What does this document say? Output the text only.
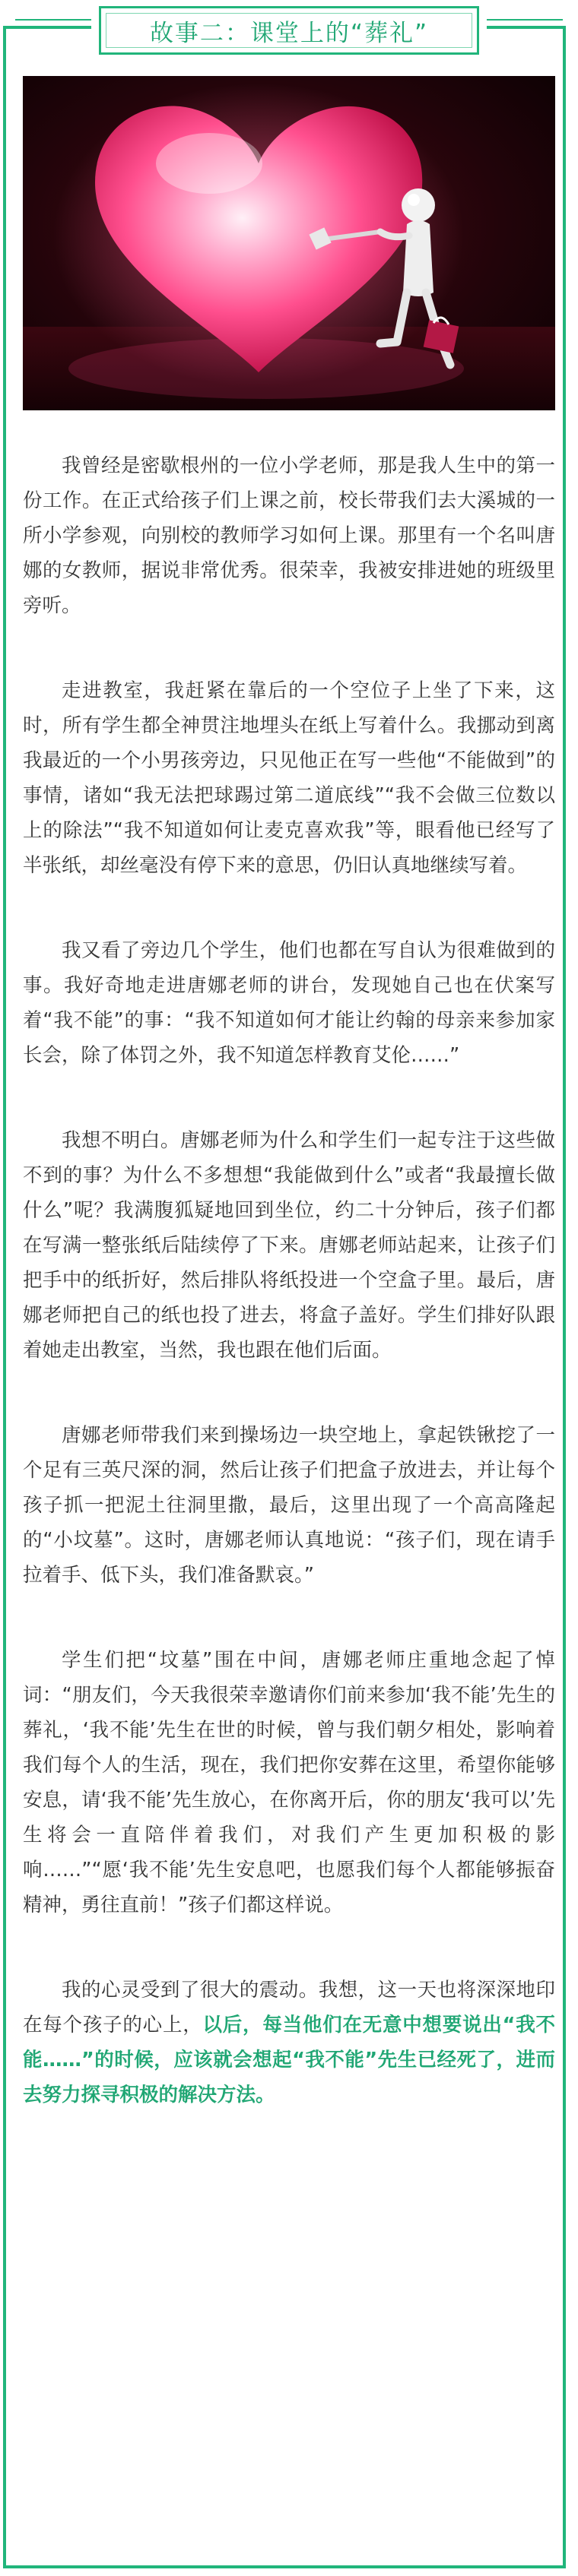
故事二：课堂上的“葬礼”

我曾经是密歇根州的一位小学老师，那是我人生中的第一份工作。在正式给孩子们上课之前，校长带我们去大溪城的一所小学参观，向别校的教师学习如何上课。那里有一个名叫唐娜的女教师，据说非常优秀。很荣幸，我被安排进她的班级里旁听。

走进教室，我赶紧在靠后的一个空位子上坐了下来，这时，所有学生都全神贯注地埋头在纸上写着什么。我挪动到离我最近的一个小男孩旁边，只见他正在写一些他“不能做到”的事情，诸如“我无法把球踢过第二道底线”“我不会做三位数以上的除法”“我不知道如何让麦克喜欢我”等，眼看他已经写了半张纸，却丝毫没有停下来的意思，仍旧认真地继续写着。

我又看了旁边几个学生，他们也都在写自认为很难做到的事。我好奇地走进唐娜老师的讲台，发现她自己也在伏案写着“我不能”的事：“我不知道如何才能让约翰的母亲来参加家长会，除了体罚之外，我不知道怎样教育艾伦……”

我想不明白。唐娜老师为什么和学生们一起专注于这些做不到的事？为什么不多想想“我能做到什么”或者“我最擅长做什么”呢？我满腹狐疑地回到坐位，约二十分钟后，孩子们都在写满一整张纸后陆续停了下来。唐娜老师站起来，让孩子们把手中的纸折好，然后排队将纸投进一个空盒子里。最后，唐娜老师把自己的纸也投了进去，将盒子盖好。学生们排好队跟着她走出教室，当然，我也跟在他们后面。

唐娜老师带我们来到操场边一块空地上，拿起铁锹挖了一个足有三英尺深的洞，然后让孩子们把盒子放进去，并让每个孩子抓一把泥土往洞里撒，最后，这里出现了一个高高隆起的“小坟墓”。这时，唐娜老师认真地说：“孩子们，现在请手拉着手、低下头，我们准备默哀。”

学生们把“坟墓”围在中间，唐娜老师庄重地念起了悼词：“朋友们，今天我很荣幸邀请你们前来参加‘我不能’先生的葬礼，‘我不能’先生在世的时候，曾与我们朝夕相处，影响着我们每个人的生活，现在，我们把你安葬在这里，希望你能够安息，请‘我不能’先生放心，在你离开后，你的朋友‘我可以’先生将会一直陪伴着我们，对我们产生更加积极的影响……”“愿‘我不能’先生安息吧，也愿我们每个人都能够振奋精神，勇往直前！”孩子们都这样说。

我的心灵受到了很大的震动。我想，这一天也将深深地印在每个孩子的心上，以后，每当他们在无意中想要说出“我不能……”的时候，应该就会想起“我不能”先生已经死了，进而去努力探寻积极的解决方法。
